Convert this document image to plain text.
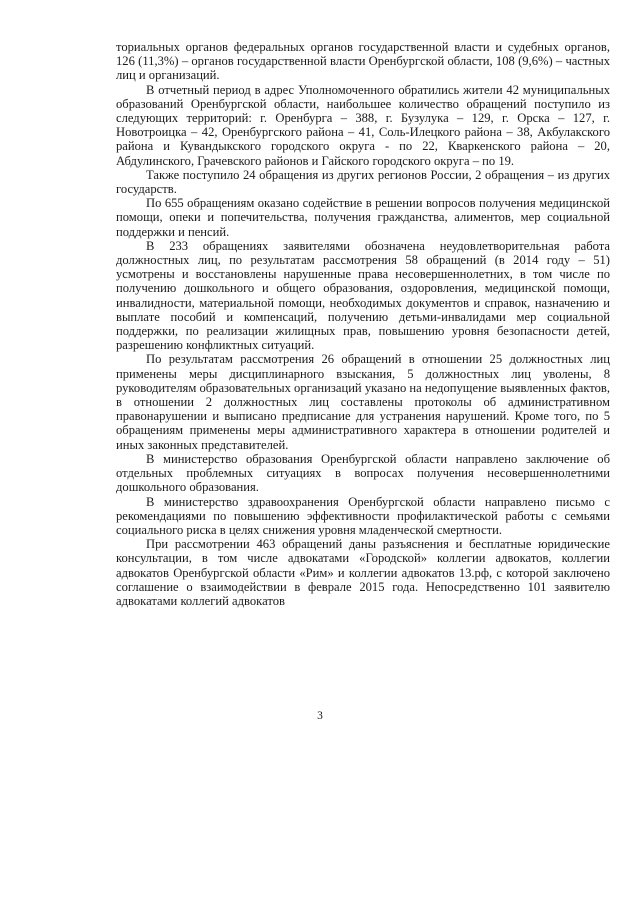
ториальных органов федеральных органов государственной власти и судебных органов, 126 (11,3%) – органов государственной власти Оренбургской области, 108 (9,6%) – частных лиц и организаций.

В отчетный период в адрес Уполномоченного обратились жители 42 муниципальных образований Оренбургской области, наибольшее количество обращений поступило из следующих территорий: г. Оренбурга – 388, г. Бузулука – 129, г. Орска – 127, г. Новотроицка – 42, Оренбургского района – 41, Соль-Илецкого района – 38, Акбулакского района и Кувандыкского городского округа - по 22, Кваркенского района – 20, Абдулинского, Грачевского районов и Гайского городского округа – по 19.

Также поступило 24 обращения из других регионов России, 2 обращения – из других государств.

По 655 обращениям оказано содействие в решении вопросов получения медицинской помощи, опеки и попечительства, получения гражданства, алиментов, мер социальной поддержки и пенсий.

В 233 обращениях заявителями обозначена неудовлетворительная работа должностных лиц, по результатам рассмотрения 58 обращений (в 2014 году – 51) усмотрены и восстановлены нарушенные права несовершеннолетних, в том числе по получению дошкольного и общего образования, оздоровления, медицинской помощи, инвалидности, материальной помощи, необходимых документов и справок, назначению и выплате пособий и компенсаций, получению детьми-инвалидами мер социальной поддержки, по реализации жилищных прав, повышению уровня безопасности детей, разрешению конфликтных ситуаций.

По результатам рассмотрения 26 обращений в отношении 25 должностных лиц применены меры дисциплинарного взыскания, 5 должностных лиц уволены, 8 руководителям образовательных организаций указано на недопущение выявленных фактов, в отношении 2 должностных лиц составлены протоколы об административном правонарушении и выписано предписание для устранения нарушений. Кроме того, по 5 обращениям применены меры административного характера в отношении родителей и иных законных представителей.

В министерство образования Оренбургской области направлено заключение об отдельных проблемных ситуациях в вопросах получения несовершеннолетними дошкольного образования.

В министерство здравоохранения Оренбургской области направлено письмо с рекомендациями по повышению эффективности профилактической работы с семьями социального риска в целях снижения уровня младенческой смертности.

При рассмотрении 463 обращений даны разъяснения и бесплатные юридические консультации, в том числе адвокатами «Городской» коллегии адвокатов, коллегии адвокатов Оренбургской области «Рим» и коллегии адвокатов 13.рф, с которой заключено соглашение о взаимодействии в феврале 2015 года. Непосредственно 101 заявителю адвокатами коллегий адвокатов

3
